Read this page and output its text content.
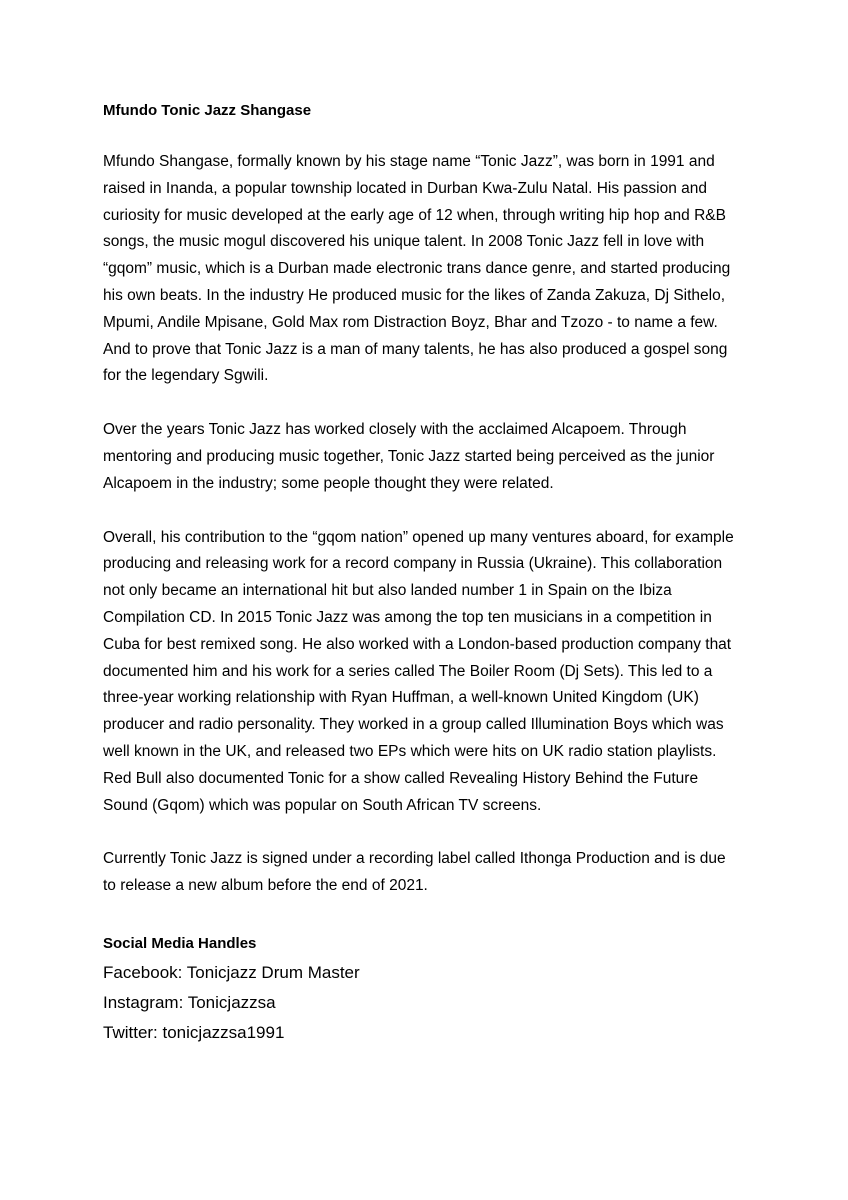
Mfundo Tonic Jazz Shangase

Mfundo Shangase, formally known by his stage name “Tonic Jazz”, was born in 1991 and
raised in Inanda, a popular township located in Durban Kwa-Zulu Natal. His passion and
curiosity for music developed at the early age of 12 when, through writing hip hop and R&B
songs, the music mogul discovered his unique talent. In 2008 Tonic Jazz fell in love with
“gqom” music, which is a Durban made electronic trans dance genre, and started producing
his own beats. In the industry He produced music for the likes of Zanda Zakuza, Dj Sithelo,
Mpumi, Andile Mpisane, Gold Max rom Distraction Boyz, Bhar and Tzozo - to name a few.
And to prove that Tonic Jazz is a man of many talents, he has also produced a gospel song
for the legendary Sgwili.

Over the years Tonic Jazz has worked closely with the acclaimed Alcapoem. Through
mentoring and producing music together, Tonic Jazz started being perceived as the junior
Alcapoem in the industry; some people thought they were related.

Overall, his contribution to the “gqom nation” opened up many ventures aboard, for example
producing and releasing work for a record company in Russia (Ukraine). This collaboration
not only became an international hit but also landed number 1 in Spain on the Ibiza
Compilation CD. In 2015 Tonic Jazz was among the top ten musicians in a competition in
Cuba for best remixed song. He also worked with a London-based production company that
documented him and his work for a series called The Boiler Room (Dj Sets). This led to a
three-year working relationship with Ryan Huffman, a well-known United Kingdom (UK)
producer and radio personality. They worked in a group called Illumination Boys which was
well known in the UK, and released two EPs which were hits on UK radio station playlists.
Red Bull also documented Tonic for a show called Revealing History Behind the Future
Sound (Gqom) which was popular on South African TV screens.

Currently Tonic Jazz is signed under a recording label called Ithonga Production and is due
to release a new album before the end of 2021.

Social Media Handles

Facebook: Tonicjazz Drum Master

Instagram: Tonicjazzsa

Twitter: tonicjazzsa1991
